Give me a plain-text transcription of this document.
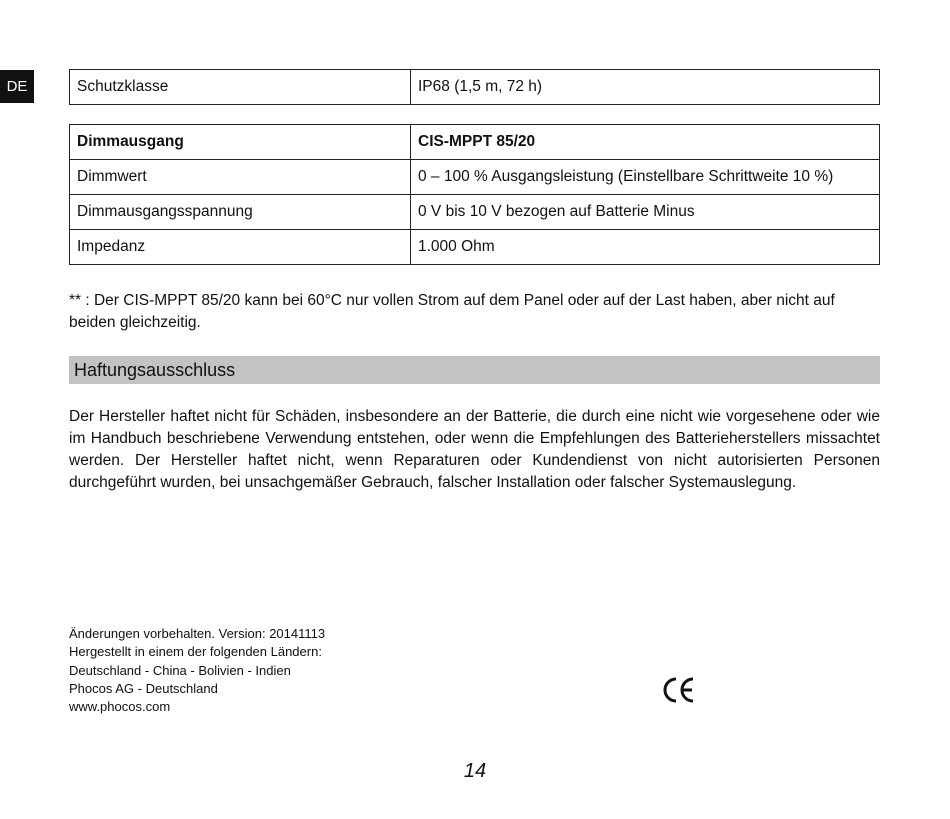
DE	Schutzklasse	IP68 (1,5 m, 72 h)
Dimmausgang	CIS-MPPT 85/20
Dimmwert	0 – 100 % Ausgangsleistung (Einstellbare Schrittweite 10 %)
Dimmausgangsspannung	0 V bis 10 V bezogen auf Batterie Minus
Impedanz	1.000 Ohm
** : Der CIS-MPPT 85/20 kann bei 60°C nur vollen Strom auf dem Panel oder auf der Last haben, aber nicht auf beiden gleichzeitig.
Haftungsausschluss

Der Hersteller haftet nicht für Schäden, insbesondere an der Batterie, die durch eine nicht wie vorgesehene oder wie im Handbuch beschriebene Verwendung entstehen, oder wenn die Empfehlungen des Batterieherstellers missachtet werden. Der Hersteller haftet nicht, wenn Reparaturen oder Kundendienst von nicht autorisierten Personen durchgeführt wurden, bei unsachgemäßer Gebrauch, falscher Installation oder falscher Systemauslegung.

Änderungen vorbehalten. Version: 20141113
Hergestellt in einem der folgenden Ländern:
Deutschland - China - Bolivien - Indien
Phocos AG - Deutschland
www.phocos.com
14
